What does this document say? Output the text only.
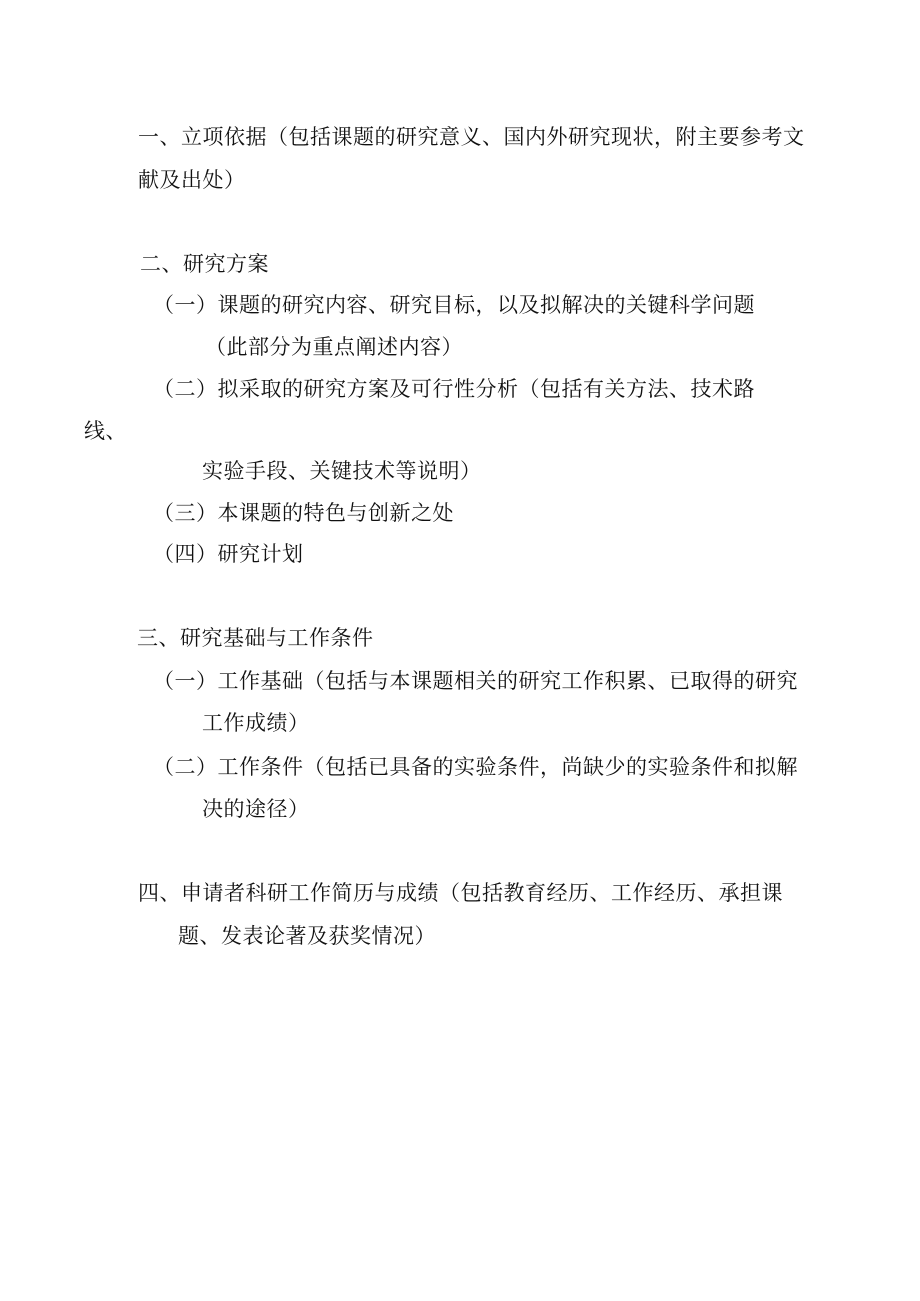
一、立项依据（包括课题的研究意义、国内外研究现状，附主要参考文
献及出处）
二、研究方案
（一）课题的研究内容、研究目标，以及拟解决的关键科学问题
（此部分为重点阐述内容）
（二）拟采取的研究方案及可行性分析（包括有关方法、技术路
线、
实验手段、关键技术等说明）
（三）本课题的特色与创新之处
（四）研究计划
三、研究基础与工作条件
（一）工作基础（包括与本课题相关的研究工作积累、已取得的研究
工作成绩）
（二）工作条件（包括已具备的实验条件，尚缺少的实验条件和拟解
决的途径）
四、申请者科研工作简历与成绩（包括教育经历、工作经历、承担课
题、发表论著及获奖情况）
